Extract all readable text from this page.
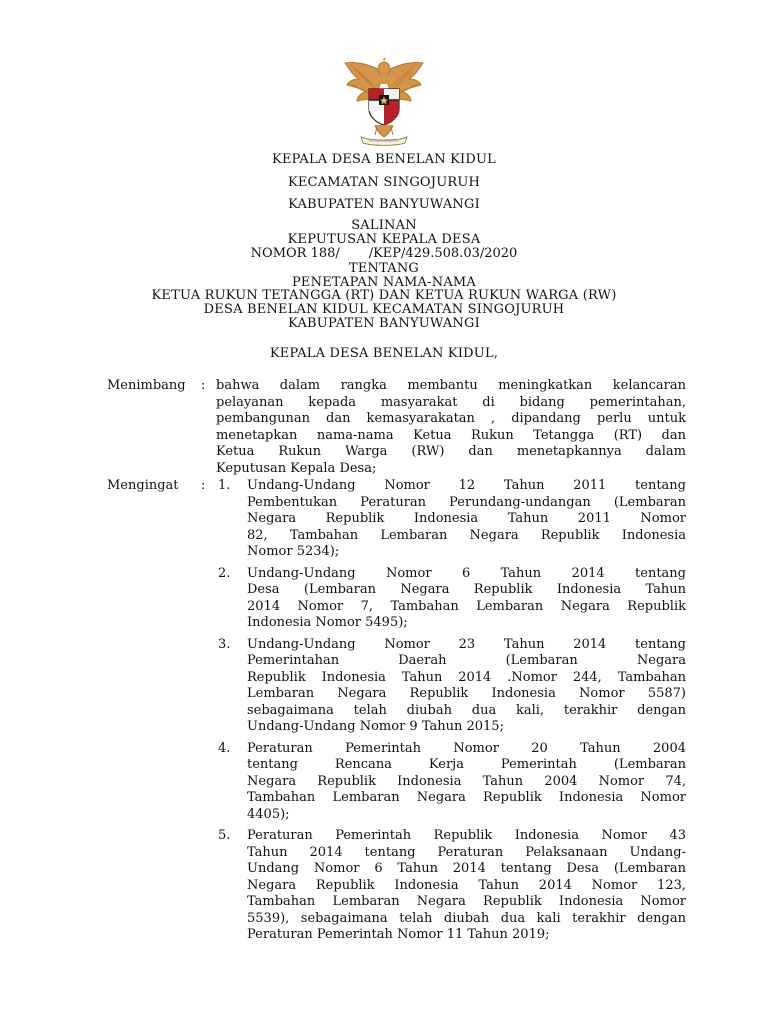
KEPALA DESA BENELAN KIDUL
KECAMATAN SINGOJURUH
KABUPATEN BANYUWANGI
SALINAN
KEPUTUSAN KEPALA DESA
NOMOR 188/ /KEP/429.508.03/2020
TENTANG
PENETAPAN NAMA-NAMA
KETUA RUKUN TETANGGA (RT) DAN KETUA RUKUN WARGA (RW)
DESA BENELAN KIDUL KECAMATAN SINGOJURUH
KABUPATEN BANYUWANGI
KEPALA DESA BENELAN KIDUL,
Menimbang : bahwa dalam rangka membantu meningkatkan kelancaran
pelayanan kepada masyarakat di bidang pemerintahan,
pembangunan dan kemasyarakatan , dipandang perlu untuk
menetapkan nama-nama Ketua Rukun Tetangga (RT) dan
Ketua Rukun Warga (RW) dan menetapkannya dalam
Keputusan Kepala Desa;
Mengingat : 1. Undang-Undang Nomor 12 Tahun 2011 tentang
Pembentukan Peraturan Perundang-undangan (Lembaran
Negara Republik Indonesia Tahun 2011 Nomor
82, Tambahan Lembaran Negara Republik Indonesia
Nomor 5234);
2. Undang-Undang Nomor 6 Tahun 2014 tentang
Desa (Lembaran Negara Republik Indonesia Tahun
2014 Nomor 7, Tambahan Lembaran Negara Republik
Indonesia Nomor 5495);
3. Undang-Undang Nomor 23 Tahun 2014 tentang
Pemerintahan Daerah (Lembaran Negara
Republik Indonesia Tahun 2014 .Nomor 244, Tambahan
Lembaran Negara Republik Indonesia Nomor 5587)
sebagaimana telah diubah dua kali, terakhir dengan
Undang-Undang Nomor 9 Tahun 2015;
4. Peraturan Pemerintah Nomor 20 Tahun 2004
tentang Rencana Kerja Pemerintah (Lembaran
Negara Republik Indonesia Tahun 2004 Nomor 74,
Tambahan Lembaran Negara Republik Indonesia Nomor
4405);
5. Peraturan Pemerintah Republik Indonesia Nomor 43
Tahun 2014 tentang Peraturan Pelaksanaan Undang-
Undang Nomor 6 Tahun 2014 tentang Desa (Lembaran
Negara Republik Indonesia Tahun 2014 Nomor 123,
Tambahan Lembaran Negara Republik Indonesia Nomor
5539), sebagaimana telah diubah dua kali terakhir dengan
Peraturan Pemerintah Nomor 11 Tahun 2019;
